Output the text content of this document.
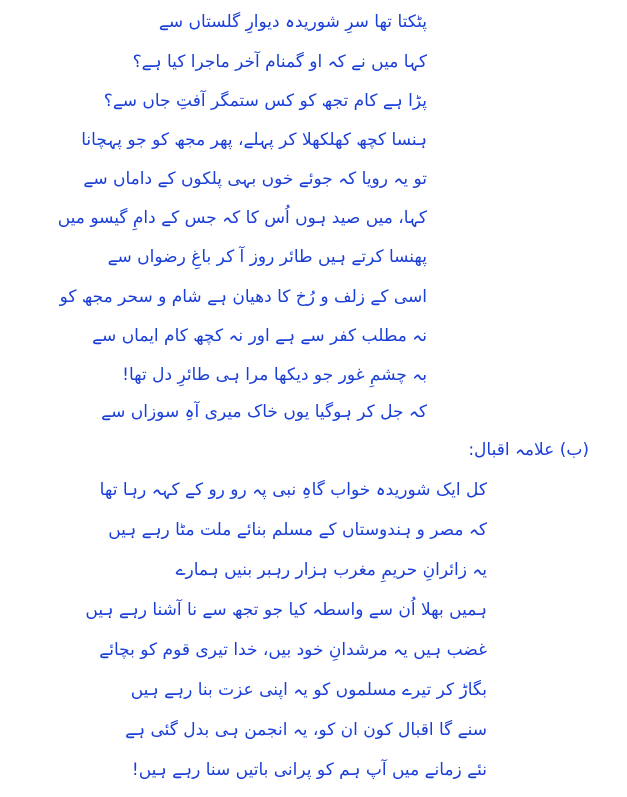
پٹکتا تھا سرِ شوریدہ دیوارِ گلستاں سے
کہا میں نے کہ او گمنام آخر ماجرا کیا ہے؟
پڑا ہے کام تجھ کو کس ستمگر آفتِ جاں سے؟
ہنسا کچھ کھلکھلا کر پہلے، پھر مجھ کو جو پہچانا
تو یہ رویا کہ جوئے خوں بہی پلکوں کے داماں سے
کہا، میں صید ہوں اُس کا کہ جس کے دامِ گیسو میں
پھنسا کرتے ہیں طائر روز آ کر باغِ رضواں سے
اسی کے زلف و رُخ کا دھیان ہے شام و سحر مجھ کو
نہ مطلب کفر سے ہے اور نہ کچھ کام ایماں سے
بہ چشمِ غور جو دیکھا مرا ہی طائرِ دل تھا!
کہ جل کر ہوگیا یوں خاک میری آہِ سوزاں سے
(ب) علامہ اقبال:
کل ایک شوریدہ خواب گاہِ نبی پہ رو رو کے کہہ رہا تھا
کہ مصر و ہندوستاں کے مسلم بنائے ملت مٹا رہے ہیں
یہ زائرانِ حریمِ مغرب ہزار رہبر بنیں ہمارے
ہمیں بھلا اُن سے واسطہ کیا جو تجھ سے نا آشنا رہے ہیں
غضب ہیں یہ مرشدانِ خود بیں، خدا تیری قوم کو بچائے
بگاڑ کر تیرے مسلموں کو یہ اپنی عزت بنا رہے ہیں
سنے گا اقبال کون ان کو، یہ انجمن ہی بدل گئی ہے
نئے زمانے میں آپ ہم کو پرانی باتیں سنا رہے ہیں!
